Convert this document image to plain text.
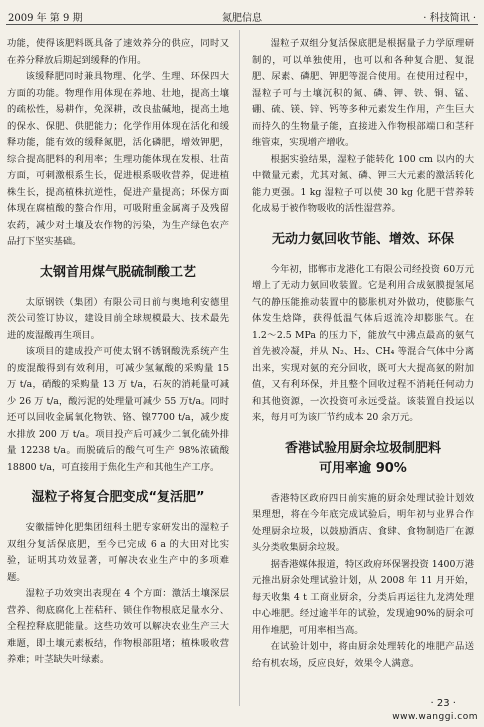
2009 年 第 9 期	氮肥信息	· 科技简讯 ·

功能，使得该肥料既具备了速效养分的供应，同时又在养分释放后期起到缓释的作用。

该缓释肥同时兼具物理、化学、生理、环保四大方面的功能。物理作用体现在养地、壮地，提高土壤的疏松性，易耕作，免深耕，改良盐碱地，提高土地的保水、保肥、供肥能力；化学作用体现在活化和缓释功能，能有效的缓释氮肥，活化磷肥，增效钾肥，综合提高肥料的利用率；生理功能体现在发根、壮苗方面，可刺激根系生长，促进根系吸收营养，促进植株生长，提高植株抗逆性，促进产量提高；环保方面体现在腐植酸的螯合作用，可吸附重金属离子及残留农药，减少对土壤及农作物的污染，为生产绿色农产品打下坚实基础。

太钢首用煤气脱硫制酸工艺

太原钢铁（集团）有限公司日前与奥地利安德里茨公司签订协议，建设目前全球规模最大、技术最先进的废湿酸再生项目。

该项目的建成投产可使太钢不锈钢酸洗系统产生的废混酸得到有效利用，可减少氢氟酸的采购量 15 万 t/a，硝酸的采购量 13 万 t/a，石灰的消耗量可减少 26 万 t/a，酸污泥的处理量可减少 55 万t/a。同时还可以回收金属氧化物铁、铬、镍7700 t/a，减少废水排放 200 万 t/a。项目投产后可减少二氧化硫外排量 12238 t/a。而脱硫后的酸气可生产 98%浓硫酸 18800 t/a，可直接用于焦化生产和其他生产工序。

湿粒子将复合肥变成“复活肥”

安徽擂钟化肥集团纽科土肥专家研发出的湿粒子双组分复活保底肥，至今已完成 6 a 的大田对比实验，证明其功效显著，可解决农业生产中的多项难题。

湿粒子功效突出表现在 4 个方面：激活土壤深层营养、彻底腐化上茬秸秆、锁住作物根底足量水分、全程控释底肥能量。这些功效可以解决农业生产三大难题，即土壤元素板结，作物根部阻堵；植株吸收营养难；叶茎缺失叶绿素。

湿粒子双组分复活保底肥是根据量子力学原理研制的，可以单独使用，也可以和各种复合肥、复混肥、尿素、磷肥、钾肥等混合使用。在使用过程中，湿粒子可与土壤沉积的氮、磷、钾、铁、铜、锰、硼、硫、镁、锌、钙等多种元素发生作用，产生巨大而持久的生物量子能，直接进入作物根部端口和茎秆维管束，实现增产增收。

根据实验结果，湿粒子能转化 100 cm 以内的大中微量元素，尤其对氮、磷、钾三大元素的激活转化能力更强。1 kg 湿粒子可以使 30 kg 化肥干营养转化成易于被作物吸收的活性湿营养。

无动力氨回收节能、增效、环保

今年初，邯郸市龙港化工有限公司经投资 60万元增上了无动力氨回收装置。它是利用合成氨膜提氢尾气的静压能推动装置中的膨胀机对外做功，使膨胀气体发生焓降，获得低温气体后返流冷却膨胀气。在 1.2～2.5 MPa 的压力下，能放气中沸点最高的氨气首先被冷凝，并从 N₂、H₂、CH₄ 等混合气体中分离出来，实现对氨的充分回收，既可大大提高氨的附加值，又有利环保，并且整个回收过程不消耗任何动力和其他资源，一次投资可永远受益。该装置自投运以来，每月可为该厂节约成本 20 余万元。

香港试验用厨余垃圾制肥料
可用率逾 90%

香港特区政府四日前实施的厨余处理试验计划效果理想，将在今年底完成试验后，明年初与业界合作处理厨余垃圾，以鼓励酒店、食肆、食物制造厂在源头分类收集厨余垃圾。

据香港媒体报道，特区政府环保署投资 1400万港元推出厨余处理试验计划，从 2008 年 11 月开始，每天收集 4 t 工商业厨余，分类后再运往九龙湾处理中心堆肥。经过逾半年的试验，发现逾90%的厨余可用作堆肥，可用率相当高。

在试验计划中，将由厨余处理转化的堆肥产品送给有机农场，反应良好，效果令人满意。

· 23 ·
www.wanggi.com
